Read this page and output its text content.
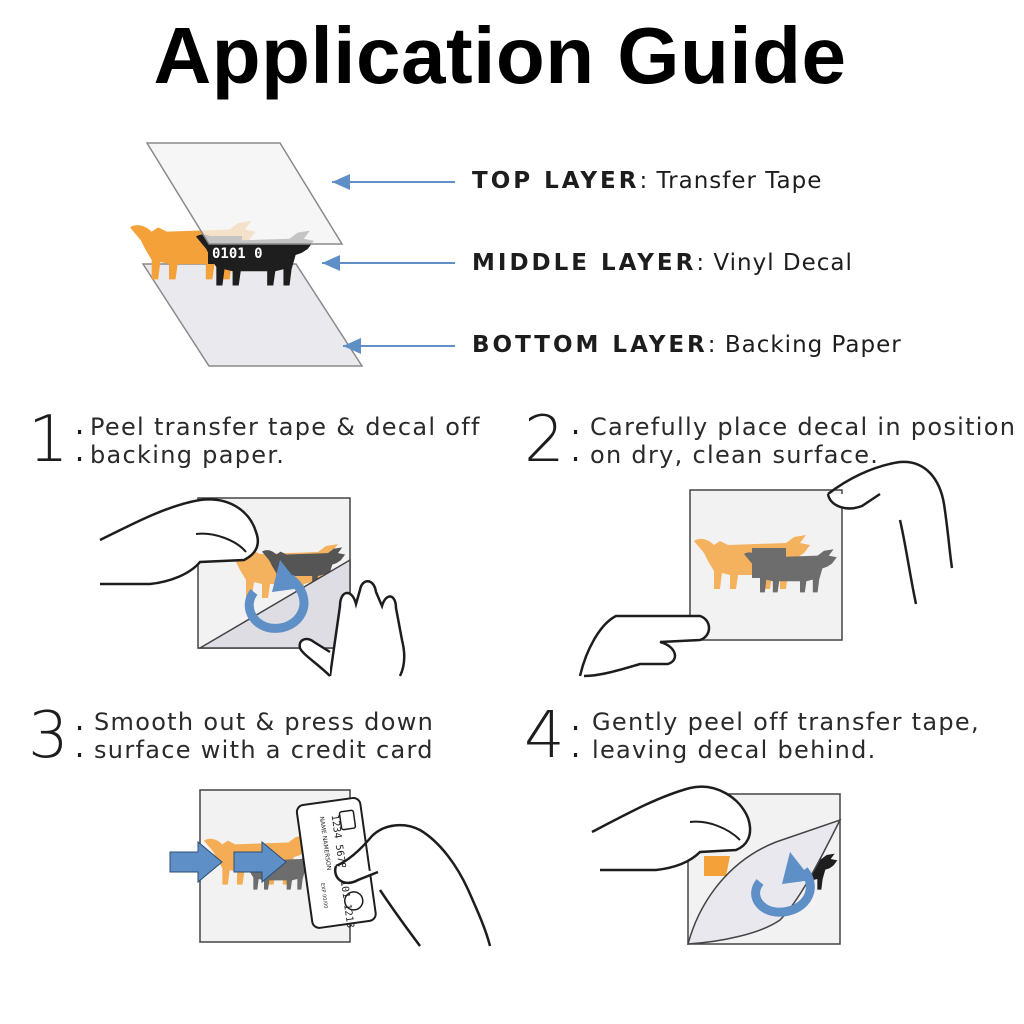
Application Guide
TOP LAYER: Transfer Tape
MIDDLE LAYER: Vinyl Decal
BOTTOM LAYER: Backing Paper
1: Peel transfer tape & decal off
backing paper.	2: Carefully place decal in position
on dry, clean surface.
3: Smooth out & press down
surface with a credit card 4: Gently peel off transfer tape,
leaving decal behind.
0101 0
1234 5678 9101 1213
NAME NAMERSON
EXP 00/00
